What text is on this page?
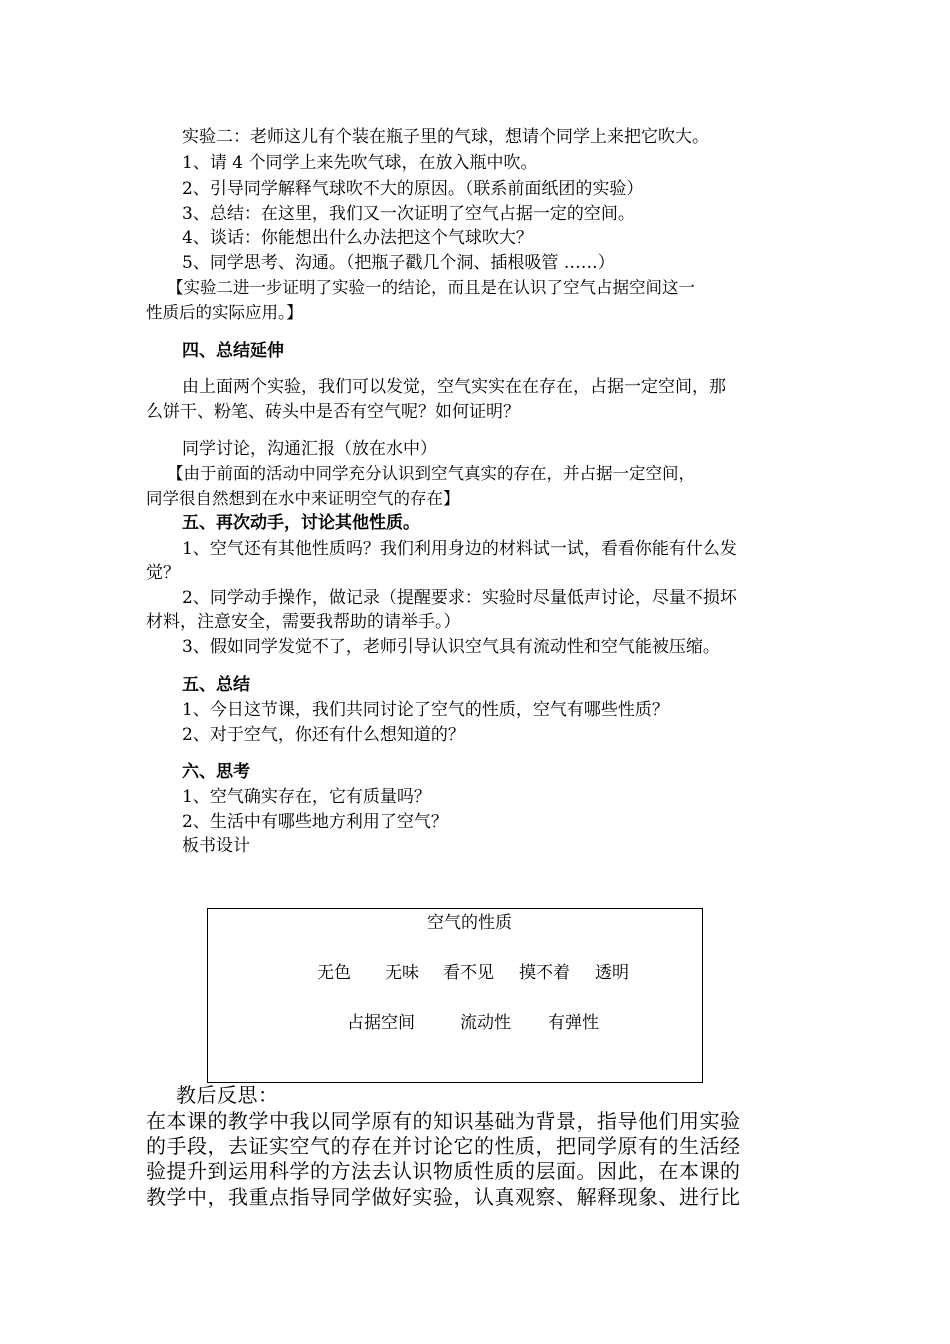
实验二：老师这儿有个装在瓶子里的气球，想请个同学上来把它吹大。
1、请 4 个同学上来先吹气球，在放入瓶中吹。
2、引导同学解释气球吹不大的原因。（联系前面纸团的实验）
3、总结：在这里，我们又一次证明了空气占据一定的空间。
4、谈话：你能想出什么办法把这个气球吹大？
5、同学思考、沟通。（把瓶子戳几个洞、插根吸管 ……）
【实验二进一步证明了实验一的结论，而且是在认识了空气占据空间这一
性质后的实际应用。】
四、总结延伸
由上面两个实验，我们可以发觉，空气实实在在存在，占据一定空间，那
么饼干、粉笔、砖头中是否有空气呢？如何证明？
同学讨论，沟通汇报（放在水中）
【由于前面的活动中同学充分认识到空气真实的存在，并占据一定空间，
同学很自然想到在水中来证明空气的存在】
五、再次动手，讨论其他性质。
1、空气还有其他性质吗？我们利用身边的材料试一试，看看你能有什么发
觉？
2、同学动手操作，做记录（提醒要求：实验时尽量低声讨论，尽量不损坏
材料，注意安全，需要我帮助的请举手。）
3、假如同学发觉不了，老师引导认识空气具有流动性和空气能被压缩。
五、总结
1、今日这节课，我们共同讨论了空气的性质，空气有哪些性质？
2、对于空气，你还有什么想知道的？
六、思考
1、空气确实存在，它有质量吗？
2、生活中有哪些地方利用了空气？
板书设计
空气的性质
无色 无味 看不见 摸不着 透明
占据空间	流动性 有弹性
教后反思：
在本课的教学中我以同学原有的知识基础为背景，指导他们用实验
的手段，去证实空气的存在并讨论它的性质，把同学原有的生活经
验提升到运用科学的方法去认识物质性质的层面。因此，在本课的
教学中，我重点指导同学做好实验，认真观察、解释现象、进行比
